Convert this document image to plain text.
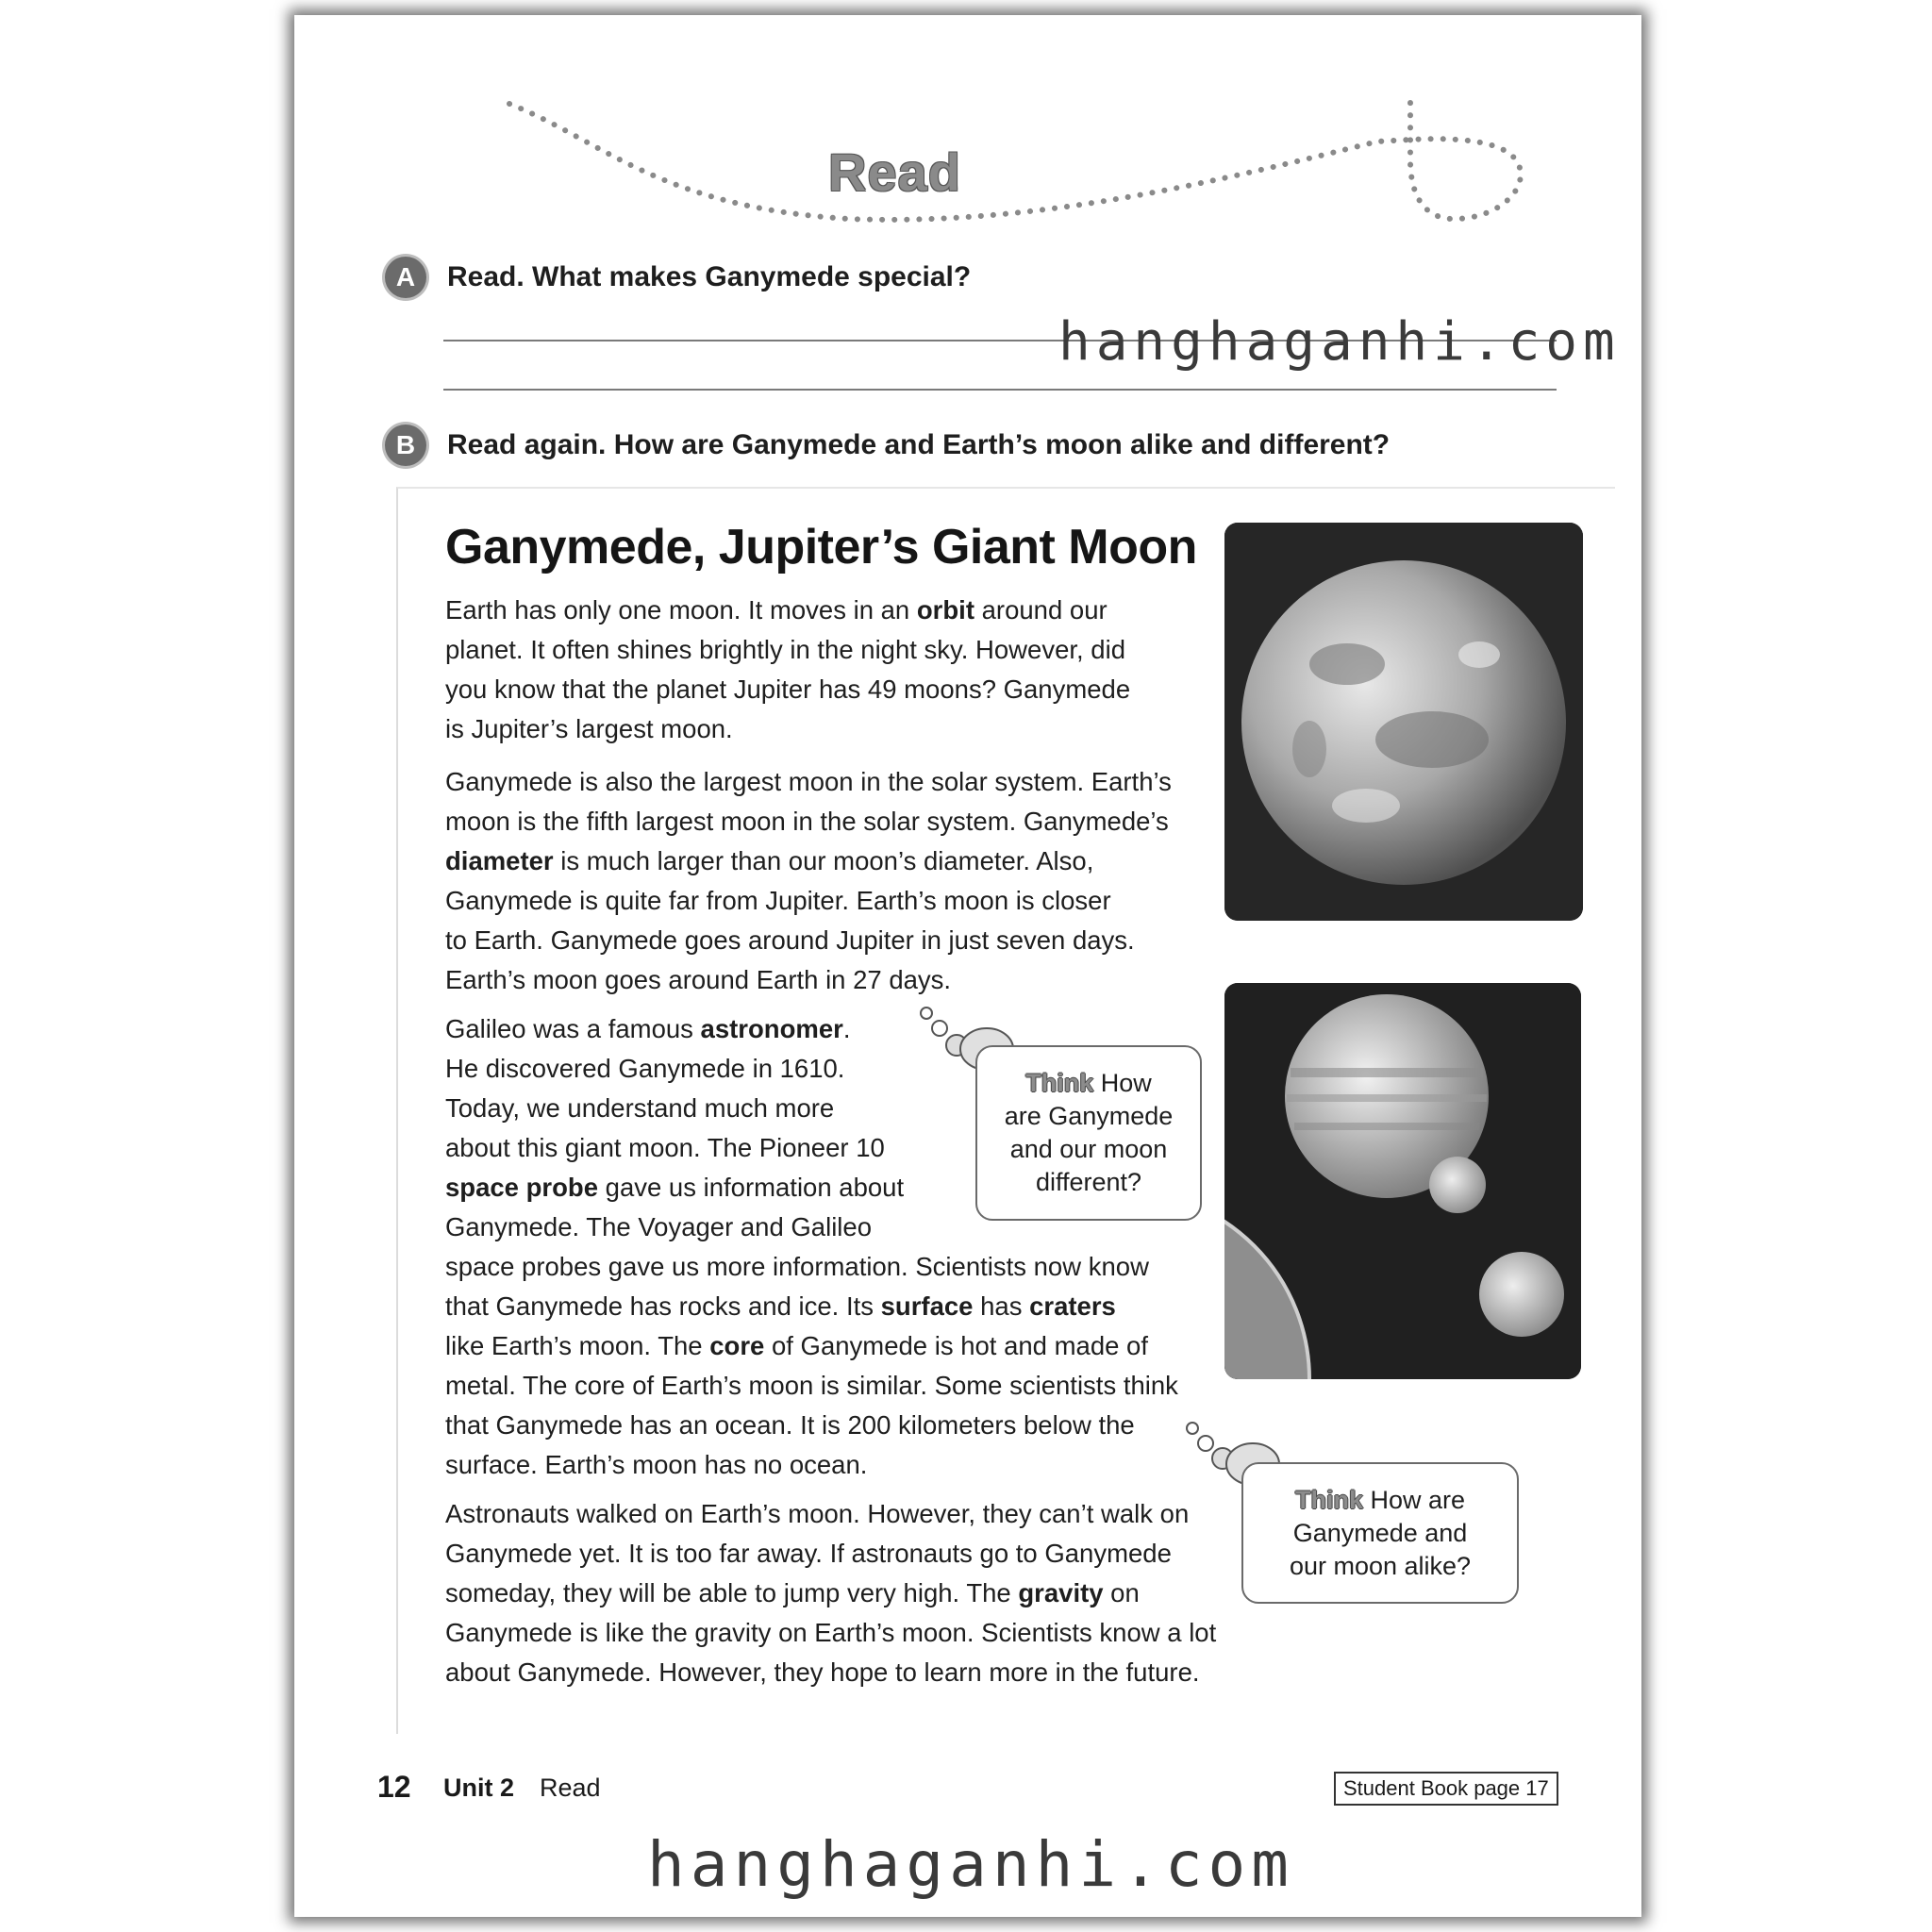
Read
A	Read. What makes Ganymede special?
hanghaganhi.com
B	Read again. How are Ganymede and Earth’s moon alike and different?
Ganymede, Jupiter’s Giant Moon
Earth has only one moon. It moves in an orbit around our
planet. It often shines brightly in the night sky. However, did
you know that the planet Jupiter has 49 moons? Ganymede
is Jupiter’s largest moon.
Ganymede is also the largest moon in the solar system. Earth’s
moon is the fifth largest moon in the solar system. Ganymede’s
diameter is much larger than our moon’s diameter. Also,
Ganymede is quite far from Jupiter. Earth’s moon is closer
to Earth. Ganymede goes around Jupiter in just seven days.
Earth’s moon goes around Earth in 27 days.
Galileo was a famous astronomer.
He discovered Ganymede in 1610.
Today, we understand much more
about this giant moon. The Pioneer 10
space probe gave us information about
Ganymede. The Voyager and Galileo
space probes gave us more information. Scientists now know
that Ganymede has rocks and ice. Its surface has craters
like Earth’s moon. The core of Ganymede is hot and made of
metal. The core of Earth’s moon is similar. Some scientists think
that Ganymede has an ocean. It is 200 kilometers below the
surface. Earth’s moon has no ocean.
Astronauts walked on Earth’s moon. However, they can’t walk on
Ganymede yet. It is too far away. If astronauts go to Ganymede
someday, they will be able to jump very high. The gravity on
Ganymede is like the gravity on Earth’s moon. Scientists know a lot
about Ganymede. However, they hope to learn more in the future.
Think How
are Ganymede
and our moon
different?
Think How are
Ganymede and
our moon alike?
12 Unit 2 Read	Student Book page 17
hanghaganhi.com
